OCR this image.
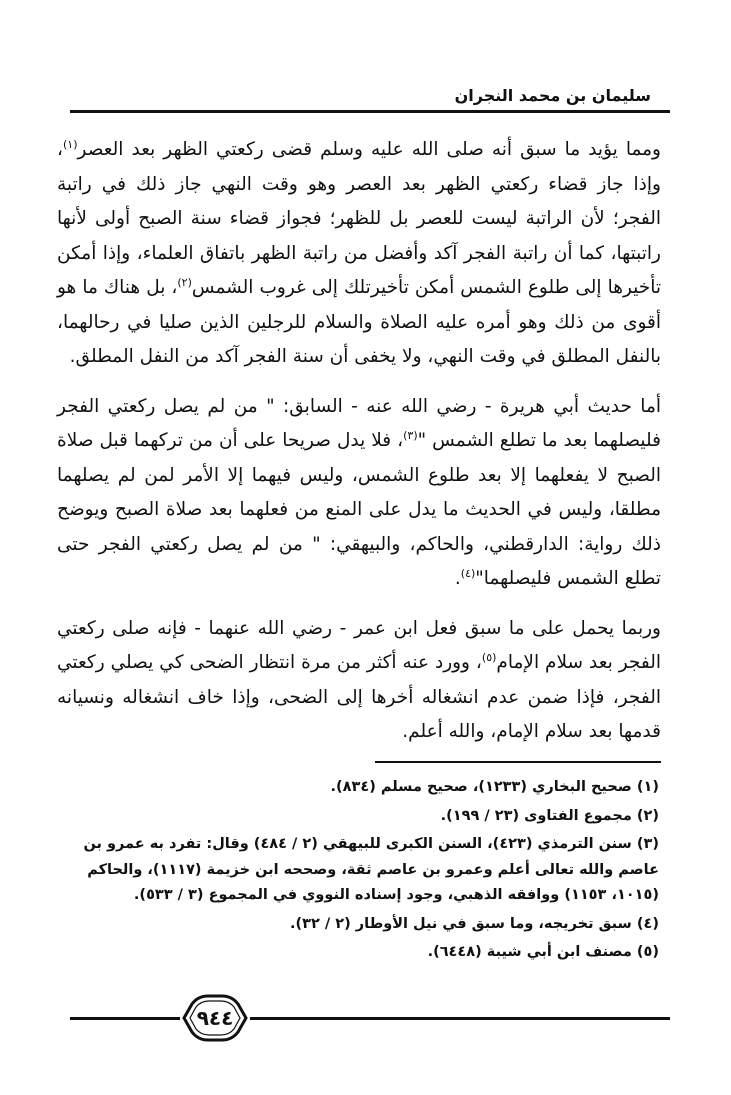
سليمان بن محمد النجران

ومما يؤيد ما سبق أنه صلى الله عليه وسلم قضى ركعتي الظهر بعد العصر$^{(١)}$، وإذا جاز قضاء ركعتي الظهر بعد العصر وهو وقت النهي جاز ذلك في راتبة الفجر؛ لأن الراتبة ليست للعصر بل للظهر؛ فجواز قضاء سنة الصبح أولى لأنها راتبتها، كما أن راتبة الفجر آكد وأفضل من راتبة الظهر باتفاق العلماء، وإذا أمكن تأخيرها إلى طلوع الشمس أمكن تأخيرتلك إلى غروب الشمس$^{(٢)}$، بل هناك ما هو أقوى من ذلك وهو أمره عليه الصلاة والسلام للرجلين الذين صليا في رحالهما، بالنفل المطلق في وقت النهي، ولا يخفى أن سنة الفجر آكد من النفل المطلق.

أما حديث أبي هريرة - رضي الله عنه - السابق: " من لم يصل ركعتي الفجر فليصلهما بعد ما تطلع الشمس "$^{(٣)}$، فلا يدل صريحا على أن من تركهما قبل صلاة الصبح لا يفعلهما إلا بعد طلوع الشمس، وليس فيهما إلا الأمر لمن لم يصلهما مطلقا، وليس في الحديث ما يدل على المنع من فعلهما بعد صلاة الصبح ويوضح ذلك رواية: الدارقطني، والحاكم، والبيهقي: " من لم يصل ركعتي الفجر حتى تطلع الشمس فليصلهما"$^{(٤)}$.

وربما يحمل على ما سبق فعل ابن عمر - رضي الله عنهما - فإنه صلى ركعتي الفجر بعد سلام الإمام$^{(٥)}$، وورد عنه أكثر من مرة انتظار الضحى كي يصلي ركعتي الفجر، فإذا ضمن عدم انشغاله أخرها إلى الضحى، وإذا خاف انشغاله ونسيانه قدمها بعد سلام الإمام، والله أعلم.

(١) صحيح البخاري (١٢٣٣)، صحيح مسلم (٨٣٤).

(٢) مجموع الفتاوى (٢٣ / ١٩٩).

(٣) سنن الترمذي (٤٢٣)، السنن الكبرى للبيهقي (٢ / ٤٨٤) وقال: تفرد به عمرو بن عاصم والله تعالى أعلم وعمرو بن عاصم ثقة، وصححه ابن خزيمة (١١١٧)، والحاكم (١٠١٥، ١١٥٣) ووافقه الذهبي، وجود إسناده النووي في المجموع (٣ / ٥٣٣).

(٤) سبق تخريجه، وما سبق في نيل الأوطار (٢ / ٣٢).

(٥) مصنف ابن أبي شيبة (٦٤٤٨).

٩٤٤
